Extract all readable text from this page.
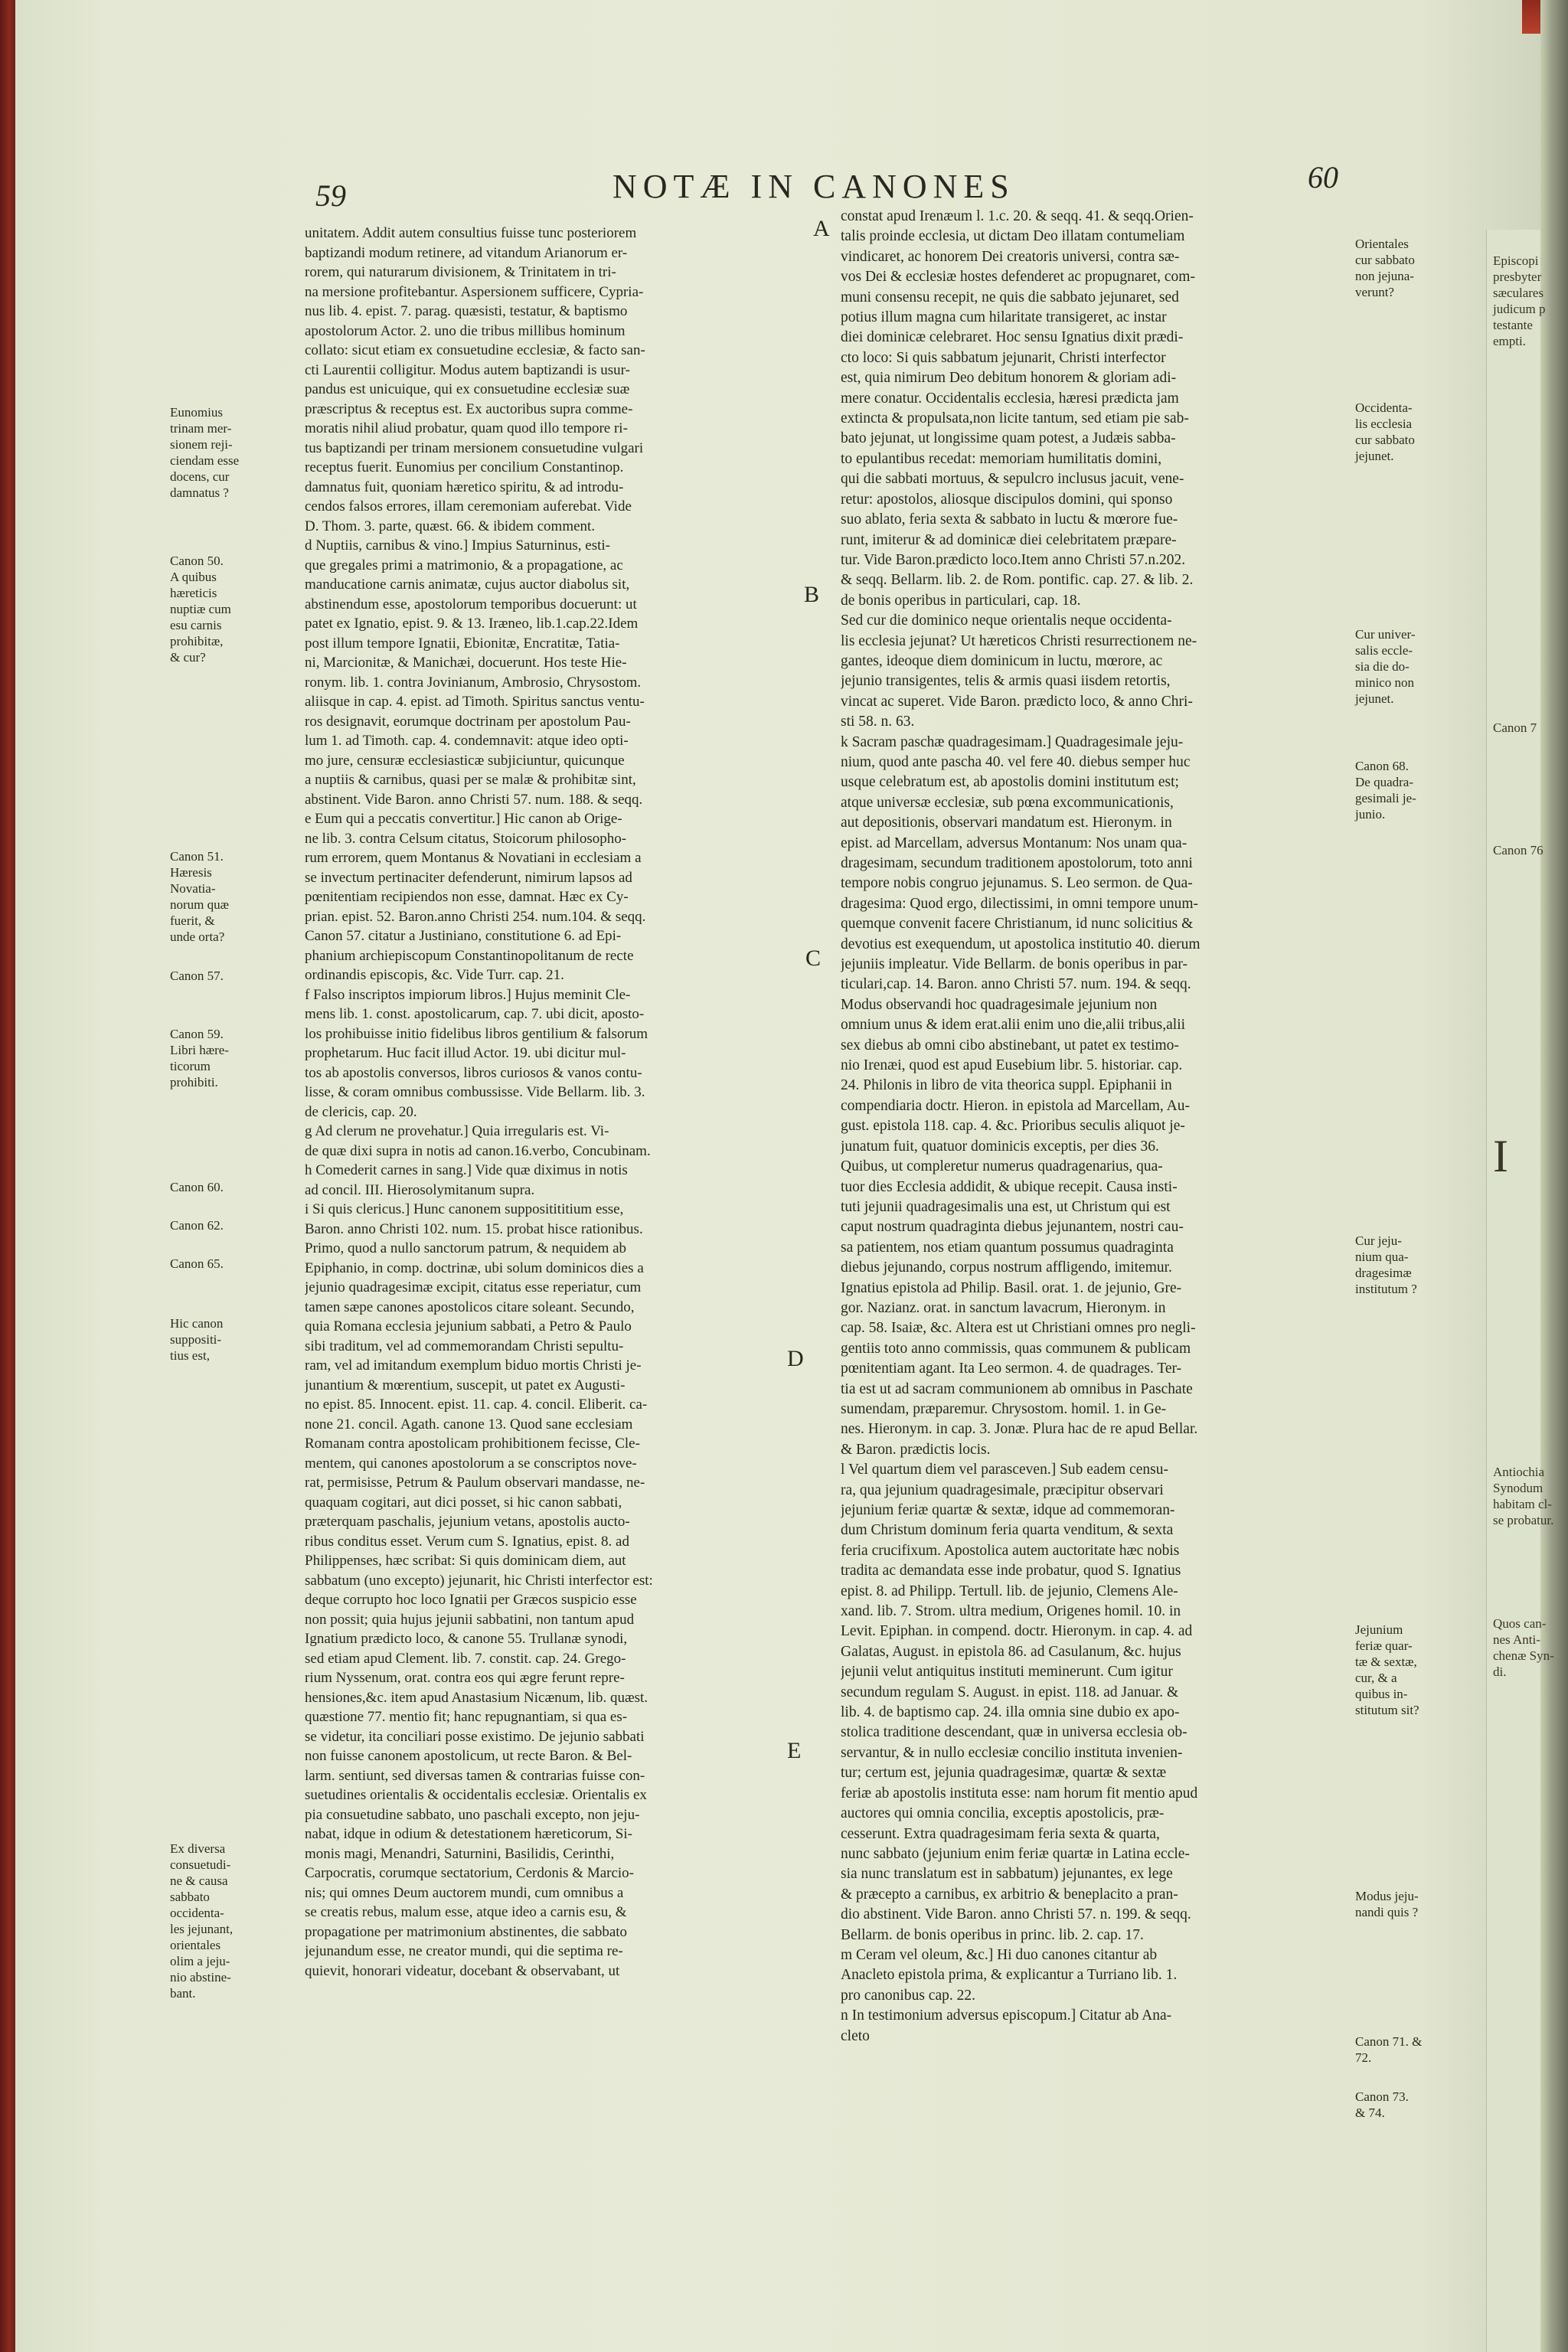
Episcopi
presbyter
sæculares
judicum p
testante
empti.
Canon 7
Canon 76
I
Antiochia
Synodum
habitam cl-
se probatur.
Quos can-
nes Anti-
chenæ Syn-
di.
59	NOTÆ IN CANONES	60
A
B
C
D
E
Eunomius
trinam mer-
sionem reji-
ciendam esse
docens, cur
damnatus ?
Canon 50.
A quibus
hæreticis
nuptiæ cum
esu carnis
prohibitæ,
& cur?
Canon 51.
Hæresis
Novatia-
norum quæ
fuerit, &
unde orta?
Canon 57.
Canon 59.
Libri hære-
ticorum
prohibiti.
Canon 60.
Canon 62.
Canon 65.
Hic canon
suppositi-
tius est,
Ex diversa
consuetudi-
ne & causa
sabbato
occidenta-
les jejunant,
orientales
olim a jeju-
nio abstine-
bant.
Orientales
cur sabbato
non jejuna-
verunt?
Occidenta-
lis ecclesia
cur sabbato
jejunet.
Cur univer-
salis eccle-
sia die do-
minico non
jejunet.
Canon 68.
De quadra-
gesimali je-
junio.
Cur jeju-
nium qua-
dragesimæ
institutum ?
Jejunium
feriæ quar-
tæ & sextæ,
cur, & a
quibus in-
stitutum sit?
Modus jeju-
nandi quis ?
Canon 71. &
72.
Canon 73.
& 74.
unitatem. Addit autem consultius fuisse tunc posteriorem
baptizandi modum retinere, ad vitandum Arianorum er-
rorem, qui naturarum divisionem, & Trinitatem in tri-
na mersione profitebantur. Aspersionem sufficere, Cypria-
nus lib. 4. epist. 7. parag. quæsisti, testatur, & baptismo
apostolorum Actor. 2. uno die tribus millibus hominum
collato: sicut etiam ex consuetudine ecclesiæ, & facto san-
cti Laurentii colligitur. Modus autem baptizandi is usur-
pandus est unicuique, qui ex consuetudine ecclesiæ suæ
præscriptus & receptus est. Ex auctoribus supra comme-
moratis nihil aliud probatur, quam quod illo tempore ri-
tus baptizandi per trinam mersionem consuetudine vulgari
receptus fuerit. Eunomius per concilium Constantinop.
damnatus fuit, quoniam hæretico spiritu, & ad introdu-
cendos falsos errores, illam ceremoniam auferebat. Vide
D. Thom. 3. parte, quæst. 66. & ibidem comment.
d Nuptiis, carnibus & vino.] Impius Saturninus, esti-
que gregales primi a matrimonio, & a propagatione, ac
manducatione carnis animatæ, cujus auctor diabolus sit,
abstinendum esse, apostolorum temporibus docuerunt: ut
patet ex Ignatio, epist. 9. & 13. Iræneo, lib.1.cap.22.Idem
post illum tempore Ignatii, Ebionitæ, Encratitæ, Tatia-
ni, Marcionitæ, & Manichæi, docuerunt. Hos teste Hie-
ronym. lib. 1. contra Jovinianum, Ambrosio, Chrysostom.
aliisque in cap. 4. epist. ad Timoth. Spiritus sanctus ventu-
ros designavit, eorumque doctrinam per apostolum Pau-
lum 1. ad Timoth. cap. 4. condemnavit: atque ideo opti-
mo jure, censuræ ecclesiasticæ subjiciuntur, quicunque
a nuptiis & carnibus, quasi per se malæ & prohibitæ sint,
abstinent. Vide Baron. anno Christi 57. num. 188. & seqq.
e Eum qui a peccatis convertitur.] Hic canon ab Orige-
ne lib. 3. contra Celsum citatus, Stoicorum philosopho-
rum errorem, quem Montanus & Novatiani in ecclesiam a
se invectum pertinaciter defenderunt, nimirum lapsos ad
pœnitentiam recipiendos non esse, damnat. Hæc ex Cy-
prian. epist. 52. Baron.anno Christi 254. num.104. & seqq.
Canon 57. citatur a Justiniano, constitutione 6. ad Epi-
phanium archiepiscopum Constantinopolitanum de recte
ordinandis episcopis, &c. Vide Turr. cap. 21.
f Falso inscriptos impiorum libros.] Hujus meminit Cle-
mens lib. 1. const. apostolicarum, cap. 7. ubi dicit, aposto-
los prohibuisse initio fidelibus libros gentilium & falsorum
prophetarum. Huc facit illud Actor. 19. ubi dicitur mul-
tos ab apostolis conversos, libros curiosos & vanos contu-
lisse, & coram omnibus combussisse. Vide Bellarm. lib. 3.
de clericis, cap. 20.
g Ad clerum ne provehatur.] Quia irregularis est. Vi-
de quæ dixi supra in notis ad canon.16.verbo, Concubinam.
h Comederit carnes in sang.] Vide quæ diximus in notis
ad concil. III. Hierosolymitanum supra.
i Si quis clericus.] Hunc canonem suppositititium esse,
Baron. anno Christi 102. num. 15. probat hisce rationibus.
Primo, quod a nullo sanctorum patrum, & nequidem ab
Epiphanio, in comp. doctrinæ, ubi solum dominicos dies a
jejunio quadragesimæ excipit, citatus esse reperiatur, cum
tamen sæpe canones apostolicos citare soleant. Secundo,
quia Romana ecclesia jejunium sabbati, a Petro & Paulo
sibi traditum, vel ad commemorandam Christi sepultu-
ram, vel ad imitandum exemplum biduo mortis Christi je-
junantium & mœrentium, suscepit, ut patet ex Augusti-
no epist. 85. Innocent. epist. 11. cap. 4. concil. Eliberit. ca-
none 21. concil. Agath. canone 13. Quod sane ecclesiam
Romanam contra apostolicam prohibitionem fecisse, Cle-
mentem, qui canones apostolorum a se conscriptos nove-
rat, permisisse, Petrum & Paulum observari mandasse, ne-
quaquam cogitari, aut dici posset, si hic canon sabbati,
præterquam paschalis, jejunium vetans, apostolis aucto-
ribus conditus esset. Verum cum S. Ignatius, epist. 8. ad
Philippenses, hæc scribat: Si quis dominicam diem, aut
sabbatum (uno excepto) jejunarit, hic Christi interfector est:
deque corrupto hoc loco Ignatii per Græcos suspicio esse
non possit; quia hujus jejunii sabbatini, non tantum apud
Ignatium prædicto loco, & canone 55. Trullanæ synodi,
sed etiam apud Clement. lib. 7. constit. cap. 24. Grego-
rium Nyssenum, orat. contra eos qui ægre ferunt repre-
hensiones,&c. item apud Anastasium Nicænum, lib. quæst.
quæstione 77. mentio fit; hanc repugnantiam, si qua es-
se videtur, ita conciliari posse existimo. De jejunio sabbati
non fuisse canonem apostolicum, ut recte Baron. & Bel-
larm. sentiunt, sed diversas tamen & contrarias fuisse con-
suetudines orientalis & occidentalis ecclesiæ. Orientalis ex
pia consuetudine sabbato, uno paschali excepto, non jeju-
nabat, idque in odium & detestationem hæreticorum, Si-
monis magi, Menandri, Saturnini, Basilidis, Cerinthi,
Carpocratis, corumque sectatorium, Cerdonis & Marcio-
nis; qui omnes Deum auctorem mundi, cum omnibus a
se creatis rebus, malum esse, atque ideo a carnis esu, &
propagatione per matrimonium abstinentes, die sabbato
jejunandum esse, ne creator mundi, qui die septima re-
quievit, honorari videatur, docebant & observabant, ut
constat apud Irenæum l. 1.c. 20. & seqq. 41. & seqq.Orien-
talis proinde ecclesia, ut dictam Deo illatam contumeliam
vindicaret, ac honorem Dei creatoris universi, contra sæ-
vos Dei & ecclesiæ hostes defenderet ac propugnaret, com-
muni consensu recepit, ne quis die sabbato jejunaret, sed
potius illum magna cum hilaritate transigeret, ac instar
diei dominicæ celebraret. Hoc sensu Ignatius dixit prædi-
cto loco: Si quis sabbatum jejunarit, Christi interfector
est, quia nimirum Deo debitum honorem & gloriam adi-
mere conatur. Occidentalis ecclesia, hæresi prædicta jam
extincta & propulsata,non licite tantum, sed etiam pie sab-
bato jejunat, ut longissime quam potest, a Judæis sabba-
to epulantibus recedat: memoriam humilitatis domini,
qui die sabbati mortuus, & sepulcro inclusus jacuit, vene-
retur: apostolos, aliosque discipulos domini, qui sponso
suo ablato, feria sexta & sabbato in luctu & mœrore fue-
runt, imiterur & ad dominicæ diei celebritatem præpare-
tur. Vide Baron.prædicto loco.Item anno Christi 57.n.202.
& seqq. Bellarm. lib. 2. de Rom. pontific. cap. 27. & lib. 2.
de bonis operibus in particulari, cap. 18.
Sed cur die dominico neque orientalis neque occidenta-
lis ecclesia jejunat? Ut hæreticos Christi resurrectionem ne-
gantes, ideoque diem dominicum in luctu, mœrore, ac
jejunio transigentes, telis & armis quasi iisdem retortis,
vincat ac superet. Vide Baron. prædicto loco, & anno Chri-
sti 58. n. 63.
k Sacram paschæ quadragesimam.] Quadragesimale jeju-
nium, quod ante pascha 40. vel fere 40. diebus semper huc
usque celebratum est, ab apostolis domini institutum est;
atque universæ ecclesiæ, sub pœna excommunicationis,
aut depositionis, observari mandatum est. Hieronym. in
epist. ad Marcellam, adversus Montanum: Nos unam qua-
dragesimam, secundum traditionem apostolorum, toto anni
tempore nobis congruo jejunamus. S. Leo sermon. de Qua-
dragesima: Quod ergo, dilectissimi, in omni tempore unum-
quemque convenit facere Christianum, id nunc solicitius &
devotius est exequendum, ut apostolica institutio 40. dierum
jejuniis impleatur. Vide Bellarm. de bonis operibus in par-
ticulari,cap. 14. Baron. anno Christi 57. num. 194. & seqq.
Modus observandi hoc quadragesimale jejunium non
omnium unus & idem erat.alii enim uno die,alii tribus,alii
sex diebus ab omni cibo abstinebant, ut patet ex testimo-
nio Irenæi, quod est apud Eusebium libr. 5. historiar. cap.
24. Philonis in libro de vita theorica suppl. Epiphanii in
compendiaria doctr. Hieron. in epistola ad Marcellam, Au-
gust. epistola 118. cap. 4. &c. Prioribus seculis aliquot je-
junatum fuit, quatuor dominicis exceptis, per dies 36.
Quibus, ut compleretur numerus quadragenarius, qua-
tuor dies Ecclesia addidit, & ubique recepit. Causa insti-
tuti jejunii quadragesimalis una est, ut Christum qui est
caput nostrum quadraginta diebus jejunantem, nostri cau-
sa patientem, nos etiam quantum possumus quadraginta
diebus jejunando, corpus nostrum affligendo, imitemur.
Ignatius epistola ad Philip. Basil. orat. 1. de jejunio, Gre-
gor. Nazianz. orat. in sanctum lavacrum, Hieronym. in
cap. 58. Isaiæ, &c. Altera est ut Christiani omnes pro negli-
gentiis toto anno commissis, quas communem & publicam
pœnitentiam agant. Ita Leo sermon. 4. de quadrages. Ter-
tia est ut ad sacram communionem ab omnibus in Paschate
sumendam, præparemur. Chrysostom. homil. 1. in Ge-
nes. Hieronym. in cap. 3. Jonæ. Plura hac de re apud Bellar.
& Baron. prædictis locis.
l Vel quartum diem vel parasceven.] Sub eadem censu-
ra, qua jejunium quadragesimale, præcipitur observari
jejunium feriæ quartæ & sextæ, idque ad commemoran-
dum Christum dominum feria quarta venditum, & sexta
feria crucifixum. Apostolica autem auctoritate hæc nobis
tradita ac demandata esse inde probatur, quod S. Ignatius
epist. 8. ad Philipp. Tertull. lib. de jejunio, Clemens Ale-
xand. lib. 7. Strom. ultra medium, Origenes homil. 10. in
Levit. Epiphan. in compend. doctr. Hieronym. in cap. 4. ad
Galatas, August. in epistola 86. ad Casulanum, &c. hujus
jejunii velut antiquitus instituti meminerunt. Cum igitur
secundum regulam S. August. in epist. 118. ad Januar. &
lib. 4. de baptismo cap. 24. illa omnia sine dubio ex apo-
stolica traditione descendant, quæ in universa ecclesia ob-
servantur, & in nullo ecclesiæ concilio instituta invenien-
tur; certum est, jejunia quadragesimæ, quartæ & sextæ
feriæ ab apostolis instituta esse: nam horum fit mentio apud
auctores qui omnia concilia, exceptis apostolicis, præ-
cesserunt. Extra quadragesimam feria sexta & quarta,
nunc sabbato (jejunium enim feriæ quartæ in Latina eccle-
sia nunc translatum est in sabbatum) jejunantes, ex lege
& præcepto a carnibus, ex arbitrio & beneplacito a pran-
dio abstinent. Vide Baron. anno Christi 57. n. 199. & seqq.
Bellarm. de bonis operibus in princ. lib. 2. cap. 17.
m Ceram vel oleum, &c.] Hi duo canones citantur ab
Anacleto epistola prima, & explicantur a Turriano lib. 1.
pro canonibus cap. 22.
n In testimonium adversus episcopum.] Citatur ab Ana-
cleto
